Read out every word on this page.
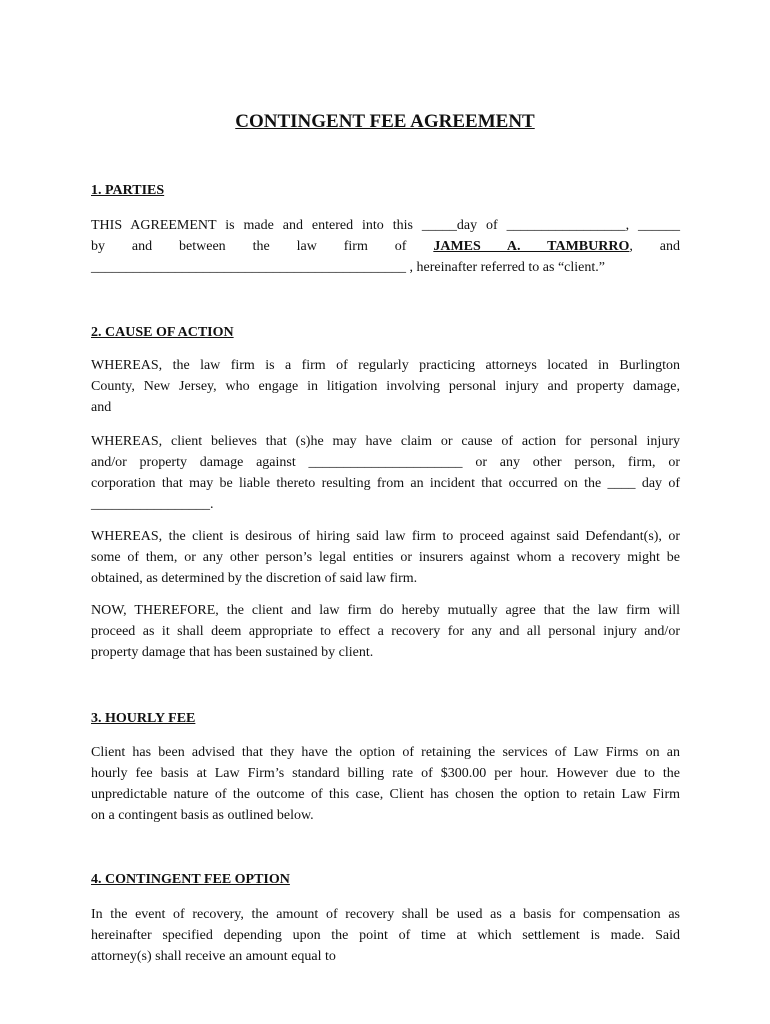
CONTINGENT FEE AGREEMENT
1. PARTIES
THIS AGREEMENT is made and entered into this _____day of _________________, ______
by and between the law firm of JAMES A. TAMBURRO, and
_____________________________________________ , hereinafter referred to as “client.”
2. CAUSE OF ACTION
WHEREAS, the law firm is a firm of regularly practicing attorneys located in Burlington
County, New Jersey, who engage in litigation involving personal injury and property damage,
and
WHEREAS, client believes that (s)he may have claim or cause of action for personal injury
and/or property damage against ______________________ or any other person, firm, or
corporation that may be liable thereto resulting from an incident that occurred on the ____ day of
_________________.
WHEREAS, the client is desirous of hiring said law firm to proceed against said Defendant(s), or
some of them, or any other person’s legal entities or insurers against whom a recovery might be
obtained, as determined by the discretion of said law firm.
NOW, THEREFORE, the client and law firm do hereby mutually agree that the law firm will
proceed as it shall deem appropriate to effect a recovery for any and all personal injury and/or
property damage that has been sustained by client.
3. HOURLY FEE
Client has been advised that they have the option of retaining the services of Law Firms on an
hourly fee basis at Law Firm’s standard billing rate of $300.00 per hour. However due to the
unpredictable nature of the outcome of this case, Client has chosen the option to retain Law Firm
on a contingent basis as outlined below.
4. CONTINGENT FEE OPTION
In the event of recovery, the amount of recovery shall be used as a basis for compensation as
hereinafter specified depending upon the point of time at which settlement is made. Said
attorney(s) shall receive an amount equal to
